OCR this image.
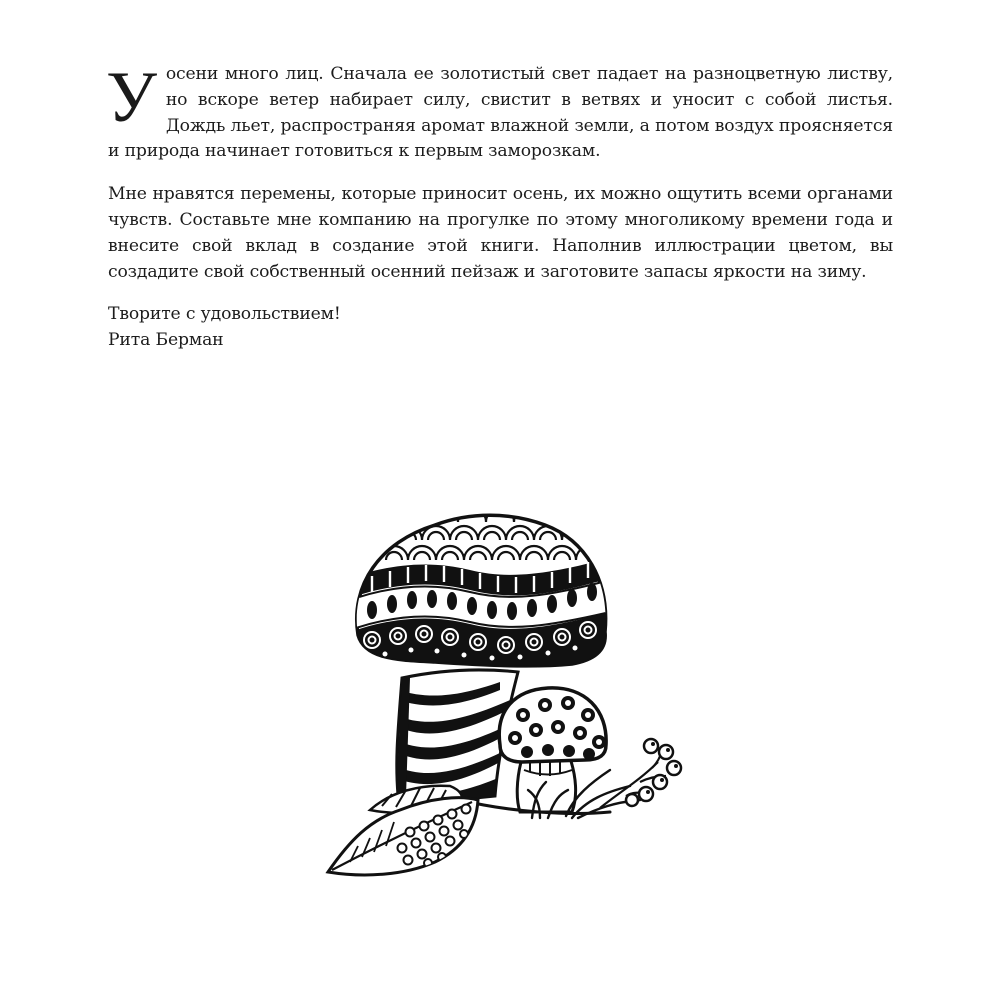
Уосени много лиц. Сначала ее золотистый свет падает на разноцветную листву, но вскоре ветер набирает силу, свистит в ветвях и уносит с собой листья. Дождь льет, распространяя аромат влажной земли, а потом воздух проясняется и природа начинает готовиться к первым заморозкам.

Мне нравятся перемены, которые приносит осень, их можно ощутить всеми органами чувств. Составьте мне компанию на прогулке по этому многоликому времени года и внесите свой вклад в создание этой книги. Наполнив иллюстрации цветом, вы создадите свой собственный осенний пейзаж и заготовите запасы яркости на зиму.

Творите с удовольствием!
Рита Берман
